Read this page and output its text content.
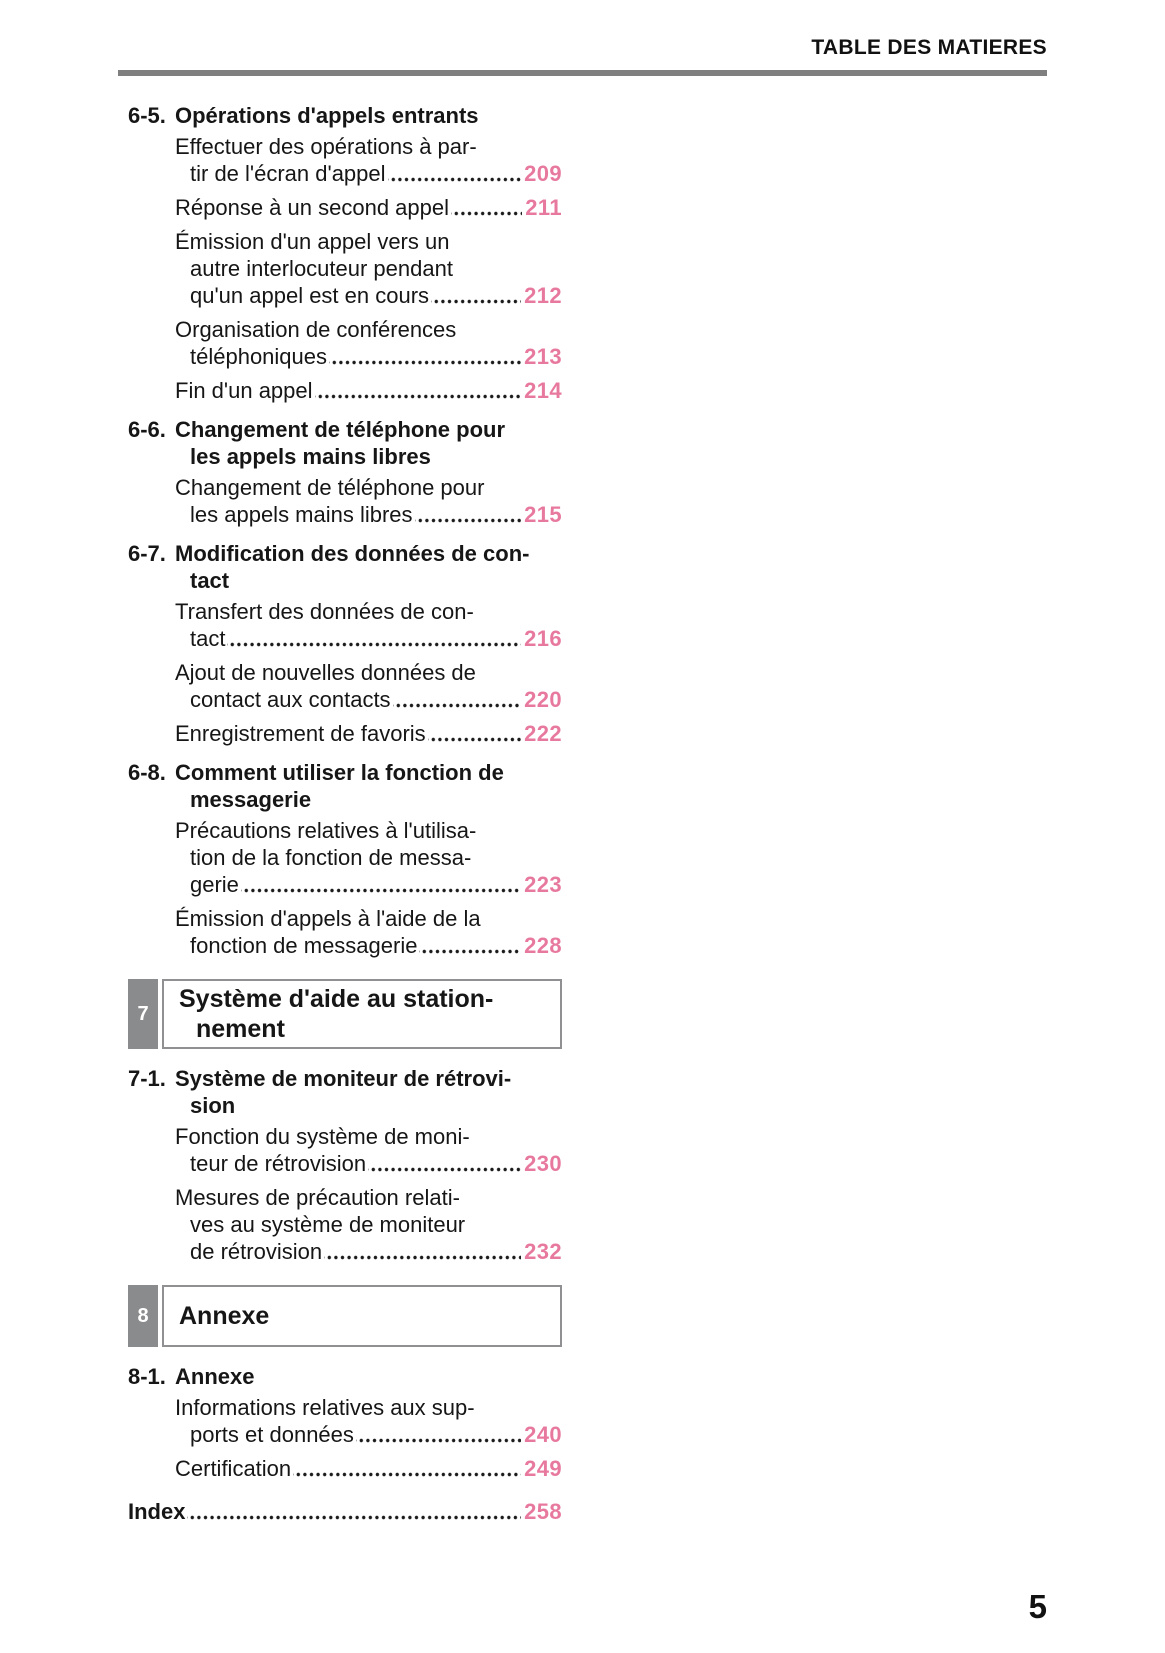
TABLE DES MATIERES
6-5. Opérations d'appels entrants
Effectuer des opérations à par-
tir de l'écran d'appel	209
Réponse à un second appel	211
Émission d'un appel vers un
autre interlocuteur pendant
qu'un appel est en cours	212
Organisation de conférences
téléphoniques	213
Fin d'un appel	214
6-6. Changement de téléphone pour
les appels mains libres
Changement de téléphone pour
les appels mains libres	215
6-7. Modification des données de con-
tact
Transfert des données de con-
tact	216
Ajout de nouvelles données de
contact aux contacts	220
Enregistrement de favoris	222
6-8. Comment utiliser la fonction de
messagerie
Précautions relatives à l'utilisa-
tion de la fonction de messa-
gerie	223
Émission d'appels à l'aide de la
fonction de messagerie	228
7
Système d'aide au station-
nement
7-1. Système de moniteur de rétrovi-
sion
Fonction du système de moni-
teur de rétrovision	230
Mesures de précaution relati-
ves au système de moniteur
de rétrovision	232
8	Annexe
8-1. Annexe
Informations relatives aux sup-
ports et données	240
Certification	249
Index	258
5
